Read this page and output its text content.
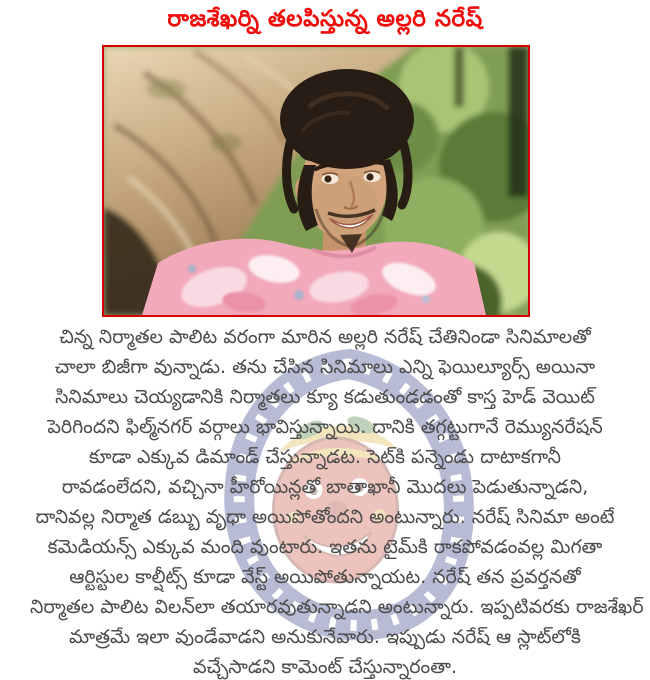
రాజశేఖర్ని తలపిస్తున్న అల్లరి నరేష్
చిన్న నిర్మాతల పాలిట వరంగా మారిన అల్లరి నరేష్ చేతినిండా సినిమాలతో
చాలా బిజీగా వున్నాడు. తను చేసిన సినిమాలు ఎన్ని ఫెయిల్యూర్స్ అయినా
సినిమాలు చెయ్యడానికి నిర్మాతలు క్యూ కడుతుండడంతో కాస్త హెడ్ వెయిట్
పెరిగిందని ఫిల్మ్‌నగర్ వర్గాలు భావిస్తున్నాయి. దానికి తగ్గట్టుగానే రెమ్యునరేషన్
కూడా ఎక్కువ డిమాండ్ చేస్తున్నాడట. సెట్‌కి పన్నెండు దాటాకగానీ
రావడంలేదని, వచ్చినా హీరోయిన్లతో బాతాఖానీ మొదలు పెడుతున్నాడని,
దానివల్ల నిర్మాత డబ్బు వృధా అయిపోతోందని అంటున్నారు. నరేష్ సినిమా అంటే
కమెడియన్స్ ఎక్కువ మంది వుంటారు. ఇతను టైమ్‌కి రాకపోవడంవల్ల మిగతా
ఆర్టిస్టుల కాల్షీట్స్ కూడా వేస్ట్ అయిపోతున్నాయట. నరేష్ తన ప్రవర్తనతో
నిర్మాతల పాలిట విలన్‌లా తయారవుతున్నాడని అంటున్నారు. ఇప్పటివరకు రాజశేఖర్
మాత్రమే ఇలా వుండేవాడని అనుకునేవారు. ఇప్పుడు నరేష్ ఆ స్లాట్‌లోకి
వచ్చేసాడని కామెంట్ చేస్తున్నారంతా.
